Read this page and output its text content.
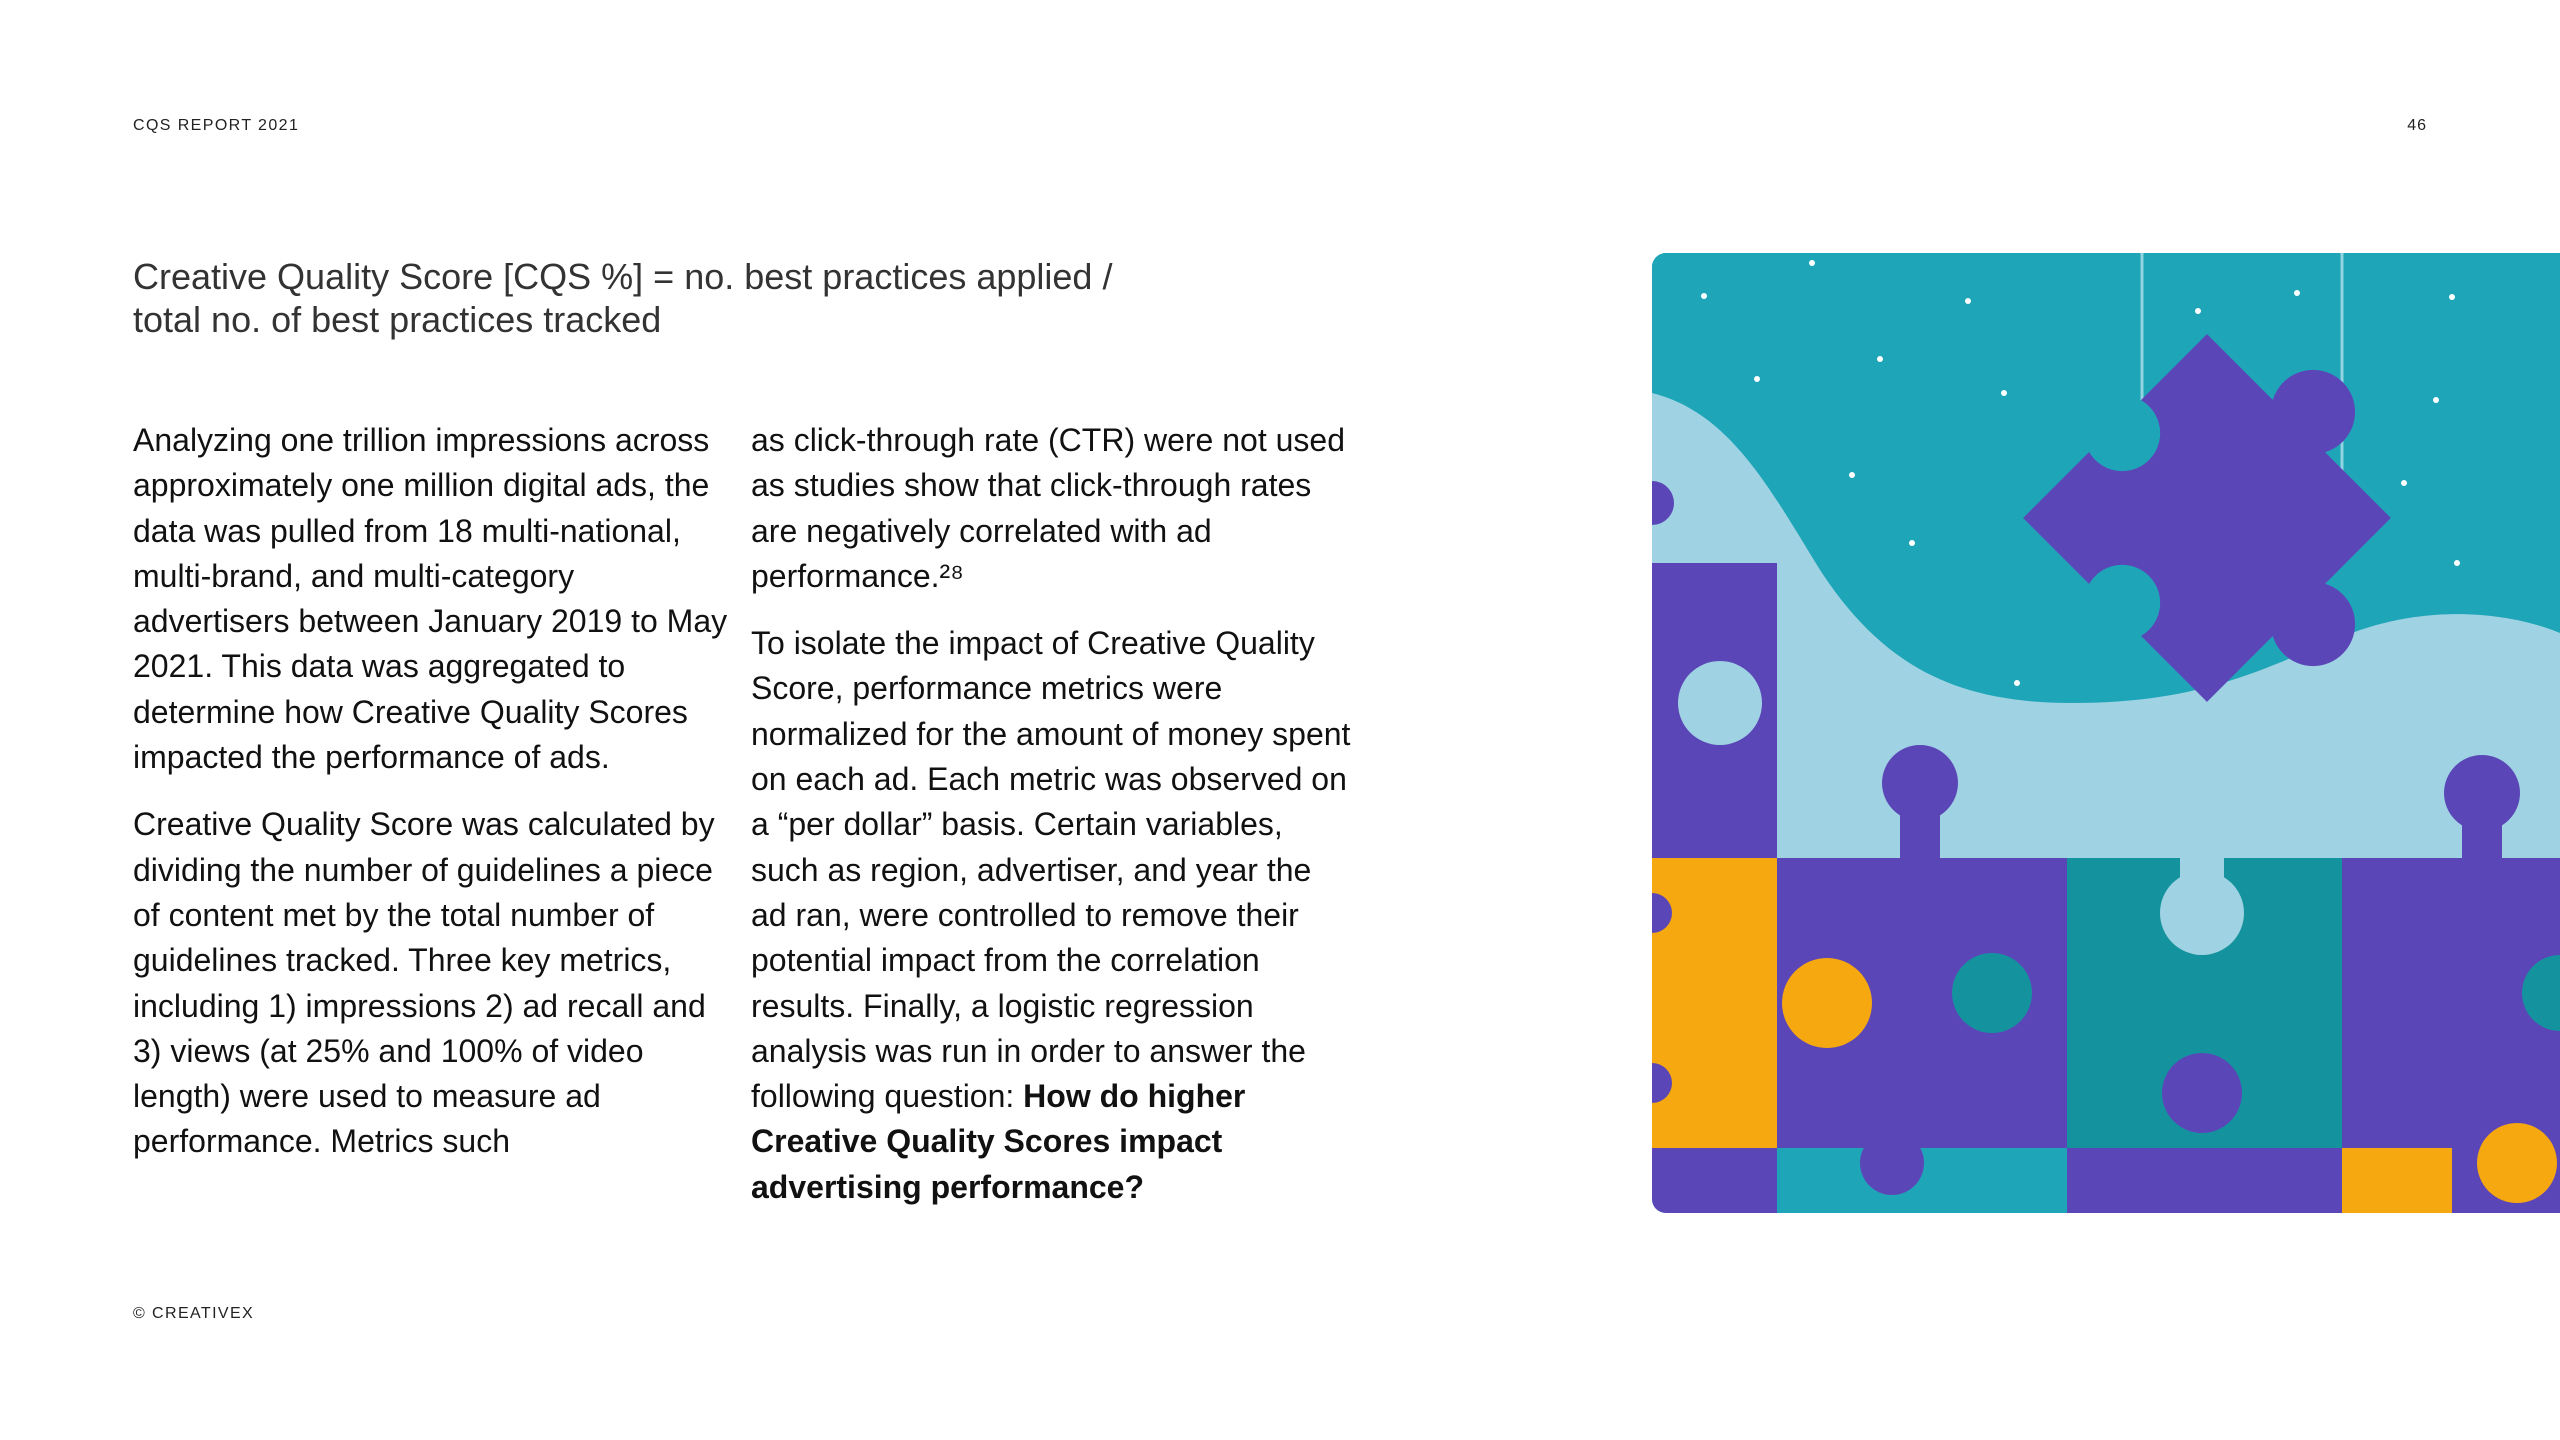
CQS REPORT 2021	46
Creative Quality Score [CQS %] = no. best practices applied /
total no. of best practices tracked

Analyzing one trillion impressions across approximately one million digital ads, the data was pulled from 18 multi-national, multi-brand, and multi-category advertisers between January 2019 to May 2021. This data was aggregated to determine how Creative Quality Scores impacted the performance of ads.

Creative Quality Score was calculated by dividing the number of guidelines a piece of content met by the total number of guidelines tracked. Three key metrics, including 1) impressions 2) ad recall and 3) views (at 25% and 100% of video length) were used to measure ad performance. Metrics such

as click-through rate (CTR) were not used as studies show that click-through rates are negatively correlated with ad performance.²⁸

To isolate the impact of Creative Quality Score, performance metrics were normalized for the amount of money spent on each ad. Each metric was observed on a “per dollar” basis. Certain variables, such as region, advertiser, and year the ad ran, were controlled to remove their potential impact from the correlation results. Finally, a logistic regression analysis was run in order to answer the following question: How do higher Creative Quality Scores impact advertising performance?

© CREATIVEX
